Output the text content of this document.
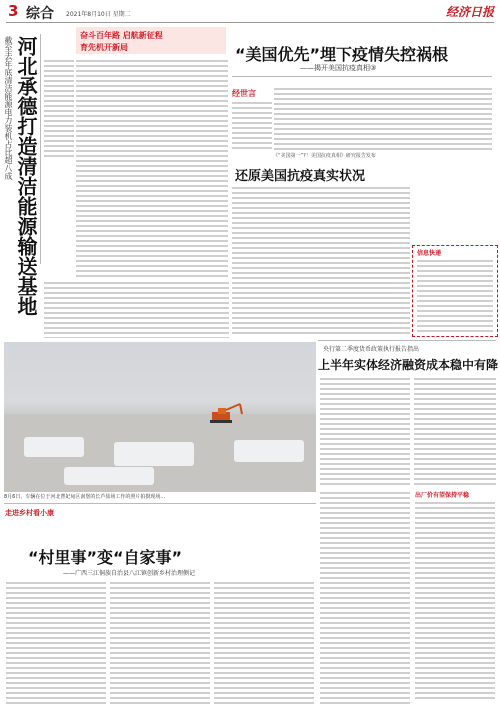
3 综合 2021年8月10日 星期二	经济日报
河北承德打造清洁能源输送基地
截至去年底清洁能源电力装机占比超八成
奋斗百年路 启航新征程
育先机开新局	“美国优先”埋下疫情失控祸根
——揭开美国抗疫真相③
经世言
《“美国第一”?！美国抗疫真相》研究报告发布
还原美国抗疫真实状况
信息快递
8月6日，车辆在位于河北曹妃甸区南堡的长芦盐场工作的照片拍摄现场...
走进乡村看小康
“村里事”变“自家事”
——广西三江侗族自治县八江镇创新乡村治理侧记
央行第二季度货币政策执行报告指出
上半年实体经济融资成本稳中有降
出厂价有望保持平稳
